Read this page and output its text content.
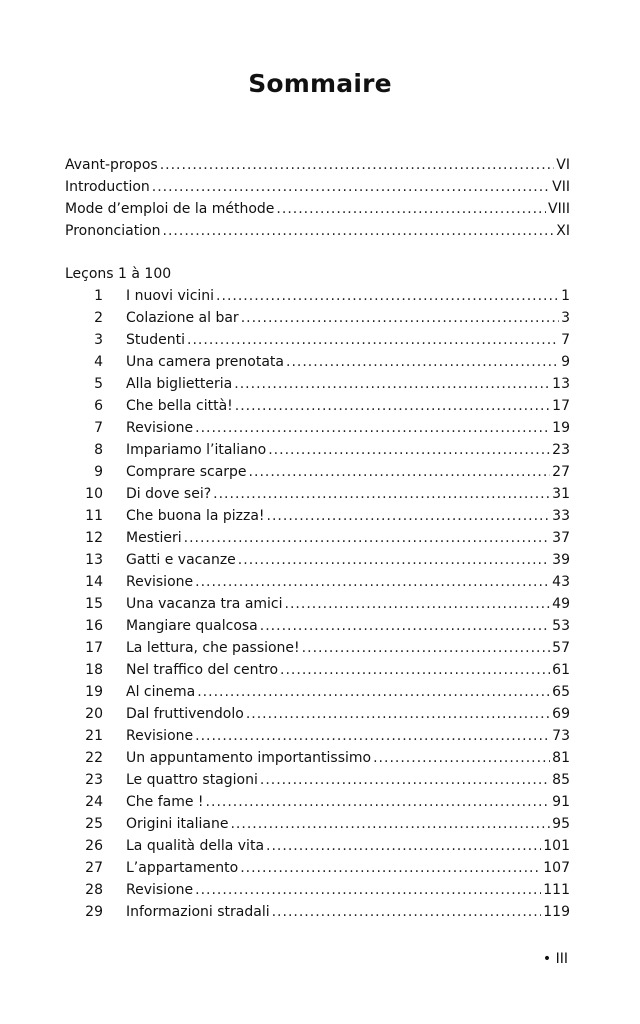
Sommaire
Avant-propos .....	VI
Introduction .....	VII
Mode d’emploi de la méthode .....	VIII
Prononciation .....	XI
Leçons 1 à 100
1 I nuovi vicini .....	1
2 Colazione al bar .....	3
3 Studenti .....	7
4 Una camera prenotata .....	9
5 Alla biglietteria .....	13
6 Che bella città! .....	17
7 Revisione .....	19
8 Impariamo l’italiano .....	23
9 Comprare scarpe .....	27
10 Di dove sei? .....	31
11 Che buona la pizza! .....	33
12 Mestieri .....	37
13 Gatti e vacanze .....	39
14 Revisione .....	43
15 Una vacanza tra amici .....	49
16 Mangiare qualcosa .....	53
17 La lettura, che passione! .....	57
18 Nel traffico del centro .....	61
19 Al cinema .....	65
20 Dal fruttivendolo .....	69
21 Revisione .....	73
22 Un appuntamento importantissimo .....	81
23 Le quattro stagioni .....	85
24 Che fame ! .....	91
25 Origini italiane .....	95
26 La qualità della vita .....	101
27 L’appartamento .....	107
28 Revisione .....	111
29 Informazioni stradali .....	119
• III
